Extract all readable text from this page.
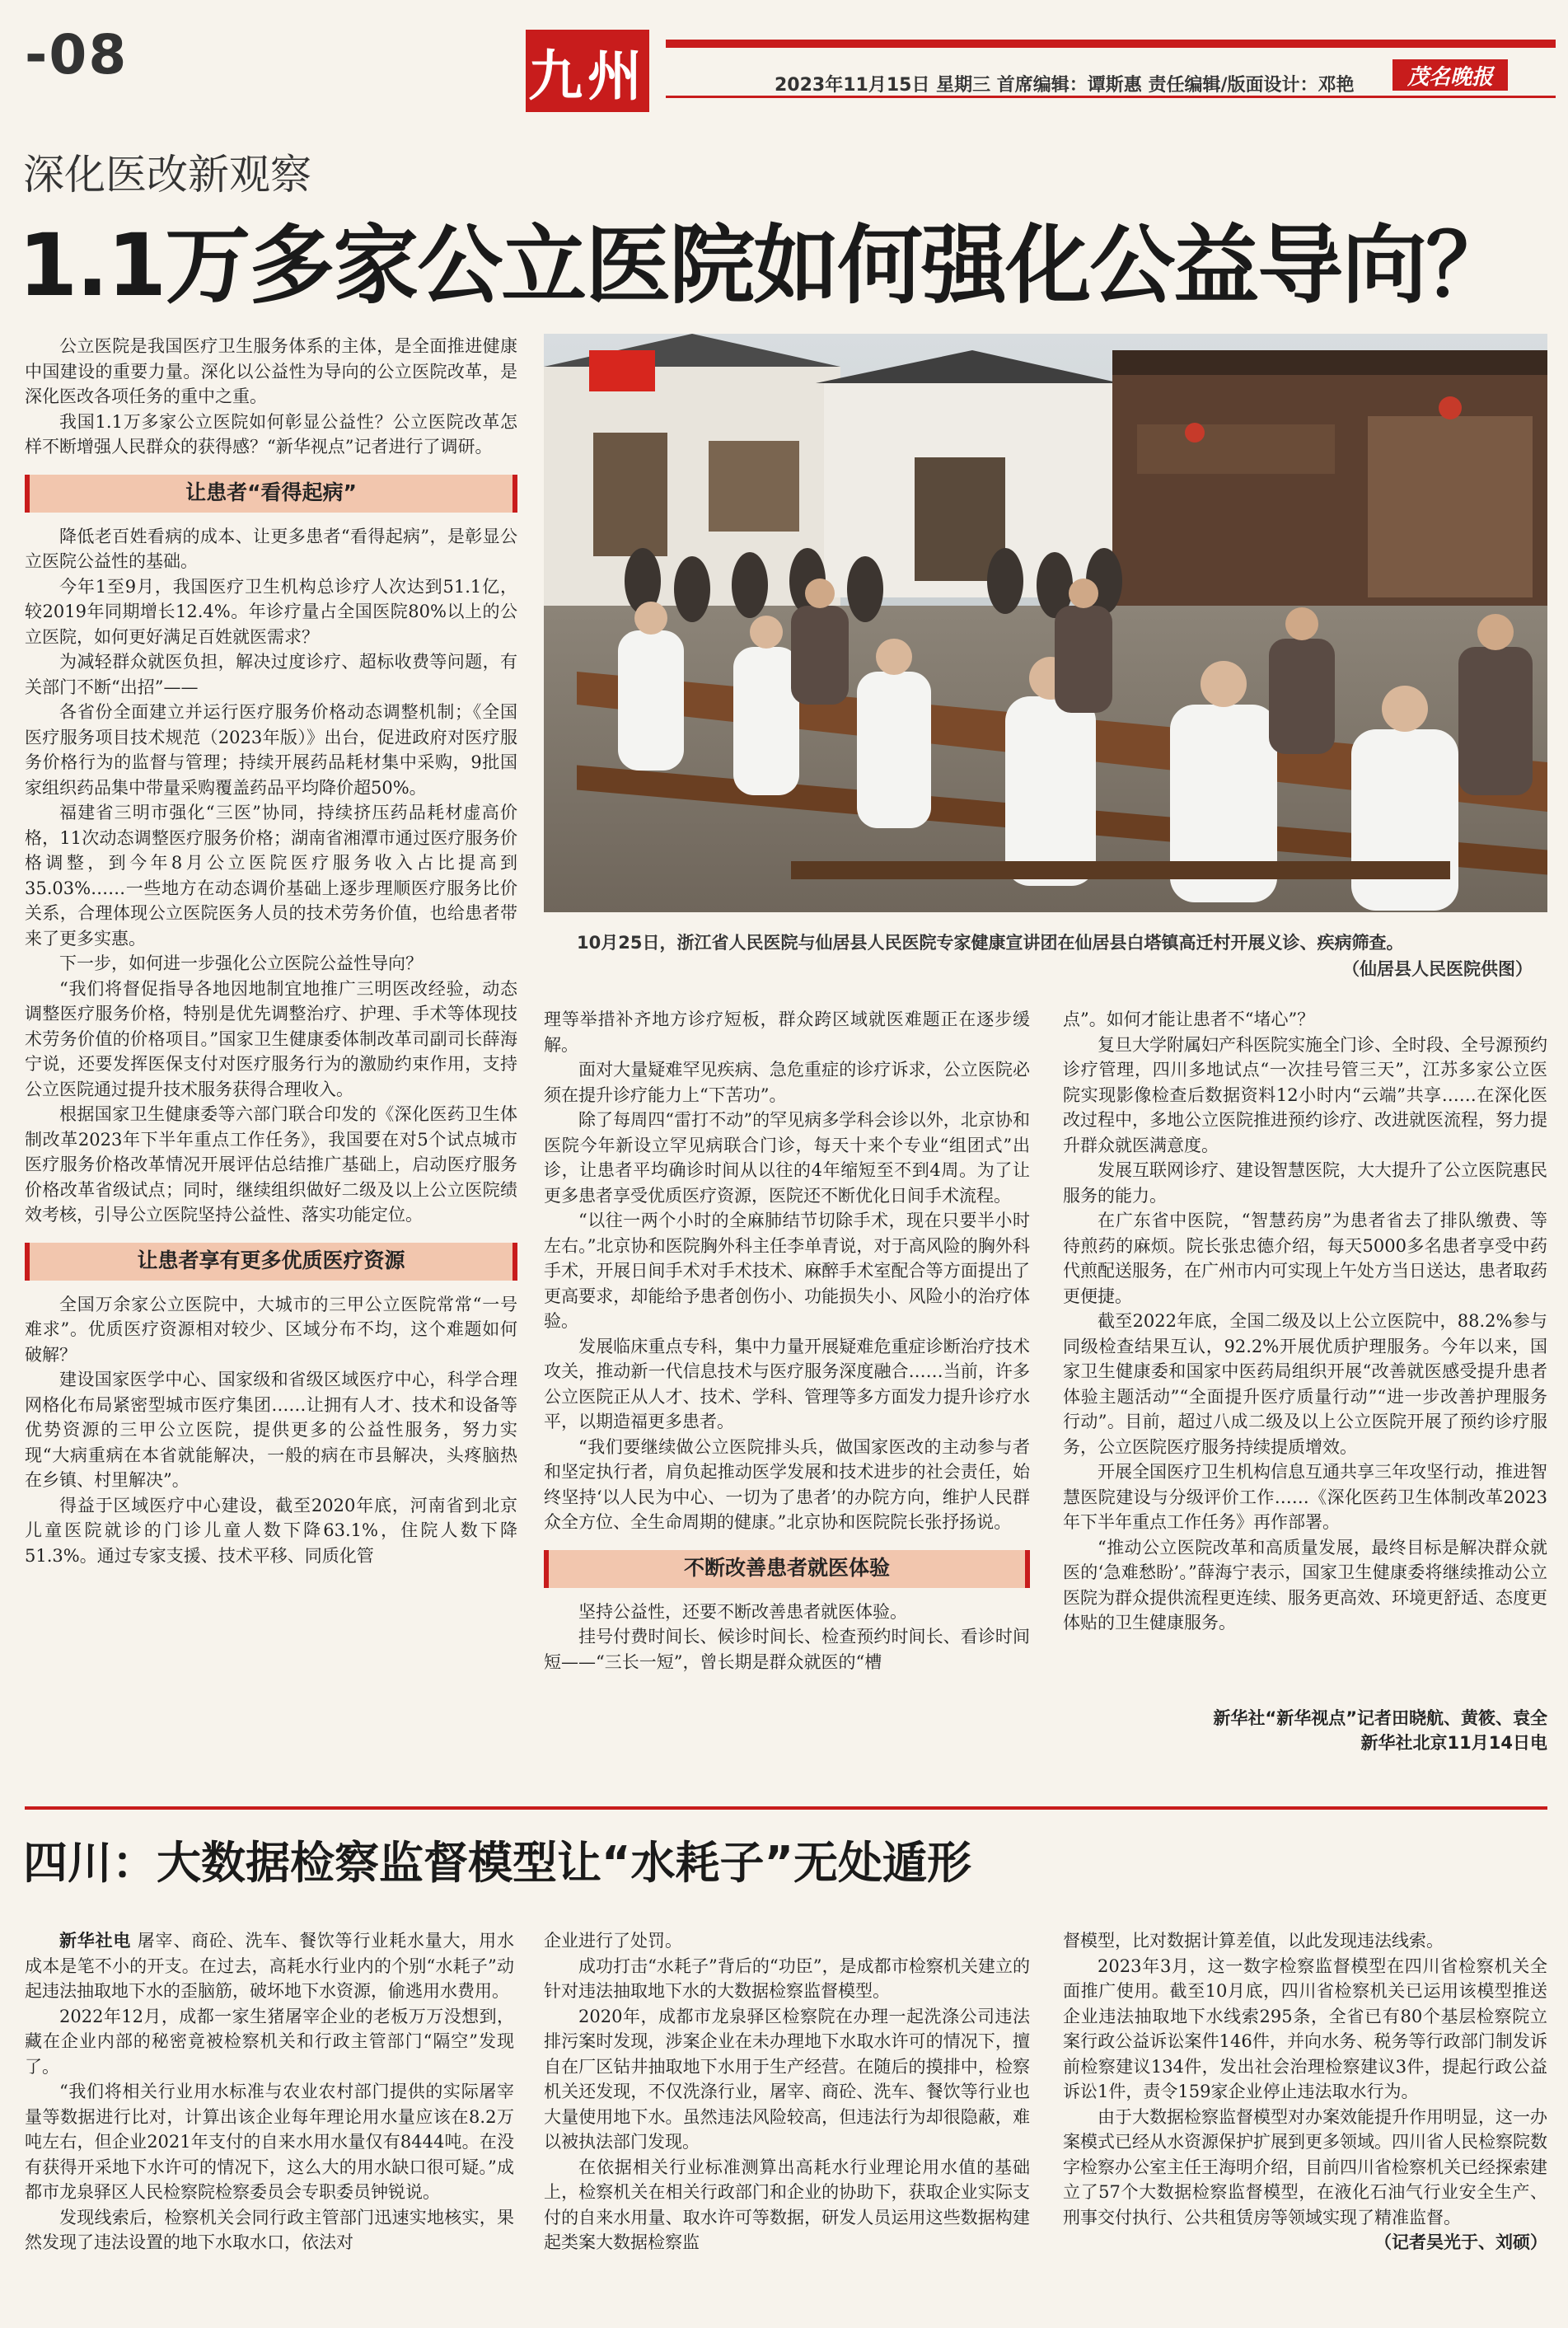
-08	九州	2023年11月15日 星期三 首席编辑：谭斯惠 责任编辑/版面设计：邓艳	茂名晚报
深化医改新观察
1.1万多家公立医院如何强化公益导向？

公立医院是我国医疗卫生服务体系的主体，是全面推进健康中国建设的重要力量。深化以公益性为导向的公立医院改革，是深化医改各项任务的重中之重。

我国1.1万多家公立医院如何彰显公益性？公立医院改革怎样不断增强人民群众的获得感？“新华视点”记者进行了调研。

让患者“看得起病”

降低老百姓看病的成本、让更多患者“看得起病”，是彰显公立医院公益性的基础。

今年1至9月，我国医疗卫生机构总诊疗人次达到51.1亿，较2019年同期增长12.4%。年诊疗量占全国医院80%以上的公立医院，如何更好满足百姓就医需求？

为减轻群众就医负担，解决过度诊疗、超标收费等问题，有关部门不断“出招”——

各省份全面建立并运行医疗服务价格动态调整机制；《全国医疗服务项目技术规范（2023年版）》出台，促进政府对医疗服务价格行为的监督与管理；持续开展药品耗材集中采购，9批国家组织药品集中带量采购覆盖药品平均降价超50%。

福建省三明市强化“三医”协同，持续挤压药品耗材虚高价格，11次动态调整医疗服务价格；湖南省湘潭市通过医疗服务价格调整，到今年8月公立医院医疗服务收入占比提高到35.03%……一些地方在动态调价基础上逐步理顺医疗服务比价关系，合理体现公立医院医务人员的技术劳务价值，也给患者带来了更多实惠。

下一步，如何进一步强化公立医院公益性导向？

“我们将督促指导各地因地制宜地推广三明医改经验，动态调整医疗服务价格，特别是优先调整治疗、护理、手术等体现技术劳务价值的价格项目。”国家卫生健康委体制改革司副司长薛海宁说，还要发挥医保支付对医疗服务行为的激励约束作用，支持公立医院通过提升技术服务获得合理收入。

根据国家卫生健康委等六部门联合印发的《深化医药卫生体制改革2023年下半年重点工作任务》，我国要在对5个试点城市医疗服务价格改革情况开展评估总结推广基础上，启动医疗服务价格改革省级试点；同时，继续组织做好二级及以上公立医院绩效考核，引导公立医院坚持公益性、落实功能定位。

让患者享有更多优质医疗资源

全国万余家公立医院中，大城市的三甲公立医院常常“一号难求”。优质医疗资源相对较少、区域分布不均，这个难题如何破解？

建设国家医学中心、国家级和省级区域医疗中心，科学合理网格化布局紧密型城市医疗集团……让拥有人才、技术和设备等优势资源的三甲公立医院，提供更多的公益性服务，努力实现“大病重病在本省就能解决，一般的病在市县解决，头疼脑热在乡镇、村里解决”。

得益于区域医疗中心建设，截至2020年底，河南省到北京儿童医院就诊的门诊儿童人数下降63.1%，住院人数下降51.3%。通过专家支援、技术平移、同质化管

10月25日，浙江省人民医院与仙居县人民医院专家健康宣讲团在仙居县白塔镇高迁村开展义诊、疾病筛查。
（仙居县人民医院供图）

理等举措补齐地方诊疗短板，群众跨区域就医难题正在逐步缓解。

面对大量疑难罕见疾病、急危重症的诊疗诉求，公立医院必须在提升诊疗能力上“下苦功”。

除了每周四“雷打不动”的罕见病多学科会诊以外，北京协和医院今年新设立罕见病联合门诊，每天十来个专业“组团式”出诊，让患者平均确诊时间从以往的4年缩短至不到4周。为了让更多患者享受优质医疗资源，医院还不断优化日间手术流程。

“以往一两个小时的全麻肺结节切除手术，现在只要半小时左右。”北京协和医院胸外科主任李单青说，对于高风险的胸外科手术，开展日间手术对手术技术、麻醉手术室配合等方面提出了更高要求，却能给予患者创伤小、功能损失小、风险小的治疗体验。

发展临床重点专科，集中力量开展疑难危重症诊断治疗技术攻关，推动新一代信息技术与医疗服务深度融合……当前，许多公立医院正从人才、技术、学科、管理等多方面发力提升诊疗水平，以期造福更多患者。

“我们要继续做公立医院排头兵，做国家医改的主动参与者和坚定执行者，肩负起推动医学发展和技术进步的社会责任，始终坚持‘以人民为中心、一切为了患者’的办院方向，维护人民群众全方位、全生命周期的健康。”北京协和医院院长张抒扬说。

不断改善患者就医体验

坚持公益性，还要不断改善患者就医体验。

挂号付费时间长、候诊时间长、检查预约时间长、看诊时间短——“三长一短”，曾长期是群众就医的“槽

点”。如何才能让患者不“堵心”？

复旦大学附属妇产科医院实施全门诊、全时段、全号源预约诊疗管理，四川多地试点“一次挂号管三天”，江苏多家公立医院实现影像检查后数据资料12小时内“云端”共享……在深化医改过程中，多地公立医院推进预约诊疗、改进就医流程，努力提升群众就医满意度。

发展互联网诊疗、建设智慧医院，大大提升了公立医院惠民服务的能力。

在广东省中医院，“智慧药房”为患者省去了排队缴费、等待煎药的麻烦。院长张忠德介绍，每天5000多名患者享受中药代煎配送服务，在广州市内可实现上午处方当日送达，患者取药更便捷。

截至2022年底，全国二级及以上公立医院中，88.2%参与同级检查结果互认，92.2%开展优质护理服务。今年以来，国家卫生健康委和国家中医药局组织开展“改善就医感受提升患者体验主题活动”“全面提升医疗质量行动”“进一步改善护理服务行动”。目前，超过八成二级及以上公立医院开展了预约诊疗服务，公立医院医疗服务持续提质增效。

开展全国医疗卫生机构信息互通共享三年攻坚行动，推进智慧医院建设与分级评价工作……《深化医药卫生体制改革2023年下半年重点工作任务》再作部署。

“推动公立医院改革和高质量发展，最终目标是解决群众就医的‘急难愁盼’。”薛海宁表示，国家卫生健康委将继续推动公立医院为群众提供流程更连续、服务更高效、环境更舒适、态度更体贴的卫生健康服务。

新华社“新华视点”记者田晓航、黄筱、袁全
新华社北京11月14日电
四川：大数据检察监督模型让“水耗子”无处遁形

新华社电 屠宰、商砼、洗车、餐饮等行业耗水量大，用水成本是笔不小的开支。在过去，高耗水行业内的个别“水耗子”动起违法抽取地下水的歪脑筋，破坏地下水资源，偷逃用水费用。

2022年12月，成都一家生猪屠宰企业的老板万万没想到，藏在企业内部的秘密竟被检察机关和行政主管部门“隔空”发现了。

“我们将相关行业用水标准与农业农村部门提供的实际屠宰量等数据进行比对，计算出该企业每年理论用水量应该在8.2万吨左右，但企业2021年支付的自来水用水量仅有8444吨。在没有获得开采地下水许可的情况下，这么大的用水缺口很可疑。”成都市龙泉驿区人民检察院检察委员会专职委员钟锐说。

发现线索后，检察机关会同行政主管部门迅速实地核实，果然发现了违法设置的地下水取水口，依法对

企业进行了处罚。

成功打击“水耗子”背后的“功臣”，是成都市检察机关建立的针对违法抽取地下水的大数据检察监督模型。

2020年，成都市龙泉驿区检察院在办理一起洗涤公司违法排污案时发现，涉案企业在未办理地下水取水许可的情况下，擅自在厂区钻井抽取地下水用于生产经营。在随后的摸排中，检察机关还发现，不仅洗涤行业，屠宰、商砼、洗车、餐饮等行业也大量使用地下水。虽然违法风险较高，但违法行为却很隐蔽，难以被执法部门发现。

在依据相关行业标准测算出高耗水行业理论用水值的基础上，检察机关在相关行政部门和企业的协助下，获取企业实际支付的自来水用量、取水许可等数据，研发人员运用这些数据构建起类案大数据检察监

督模型，比对数据计算差值，以此发现违法线索。

2023年3月，这一数字检察监督模型在四川省检察机关全面推广使用。截至10月底，四川省检察机关已运用该模型推送企业违法抽取地下水线索295条，全省已有80个基层检察院立案行政公益诉讼案件146件，并向水务、税务等行政部门制发诉前检察建议134件，发出社会治理检察建议3件，提起行政公益诉讼1件，责令159家企业停止违法取水行为。

由于大数据检察监督模型对办案效能提升作用明显，这一办案模式已经从水资源保护扩展到更多领域。四川省人民检察院数字检察办公室主任王海明介绍，目前四川省检察机关已经探索建立了57个大数据检察监督模型，在液化石油气行业安全生产、刑事交付执行、公共租赁房等领域实现了精准监督。

（记者吴光于、刘硕）
